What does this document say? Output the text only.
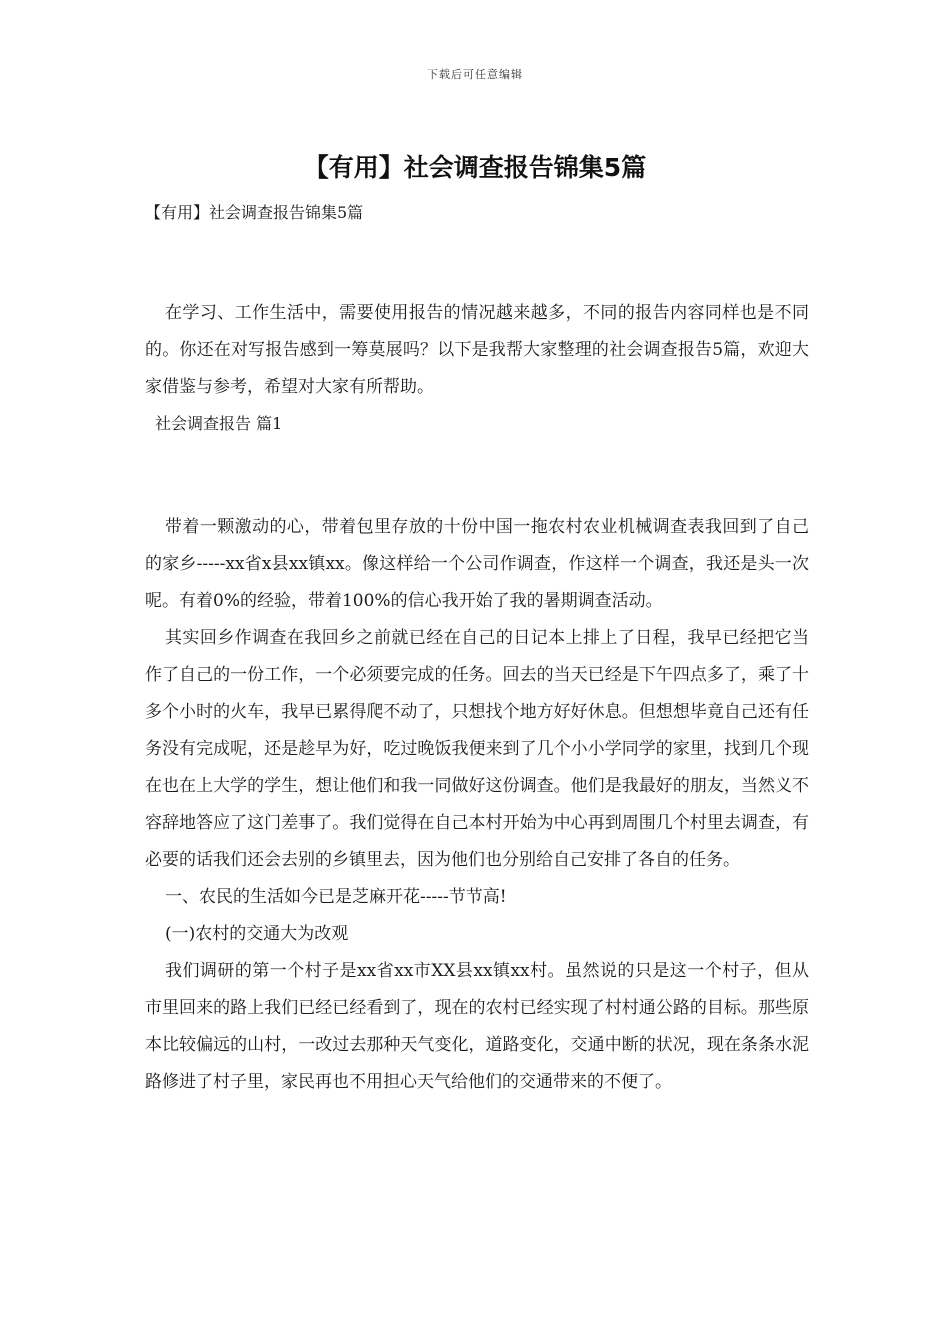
下载后可任意编辑
【有用】社会调查报告锦集5篇

【有用】社会调查报告锦集5篇

在学习、工作生活中，需要使用报告的情况越来越多，不同的报告内容同样也是不同的。你还在对写报告感到一筹莫展吗？以下是我帮大家整理的社会调查报告5篇，欢迎大家借鉴与参考，希望对大家有所帮助。

社会调查报告 篇1

带着一颗激动的心，带着包里存放的十份中国一拖农村农业机械调查表我回到了自己的家乡-----xx省x县xx镇xx。像这样给一个公司作调查，作这样一个调查，我还是头一次呢。有着0%的经验，带着100%的信心我开始了我的暑期调查活动。

其实回乡作调查在我回乡之前就已经在自己的日记本上排上了日程，我早已经把它当作了自己的一份工作，一个必须要完成的任务。回去的当天已经是下午四点多了，乘了十多个小时的火车，我早已累得爬不动了，只想找个地方好好休息。但想想毕竟自己还有任务没有完成呢，还是趁早为好，吃过晚饭我便来到了几个小小学同学的家里，找到几个现在也在上大学的学生，想让他们和我一同做好这份调查。他们是我最好的朋友，当然义不容辞地答应了这门差事了。我们觉得在自己本村开始为中心再到周围几个村里去调查，有必要的话我们还会去别的乡镇里去，因为他们也分别给自己安排了各自的任务。

一、农民的生活如今已是芝麻开花-----节节高!

(一)农村的交通大为改观

我们调研的第一个村子是xx省xx市XX县xx镇xx村。虽然说的只是这一个村子，但从市里回来的路上我们已经已经看到了，现在的农村已经实现了村村通公路的目标。那些原本比较偏远的山村，一改过去那种天气变化，道路变化，交通中断的状况，现在条条水泥路修进了村子里，家民再也不用担心天气给他们的交通带来的不便了。
